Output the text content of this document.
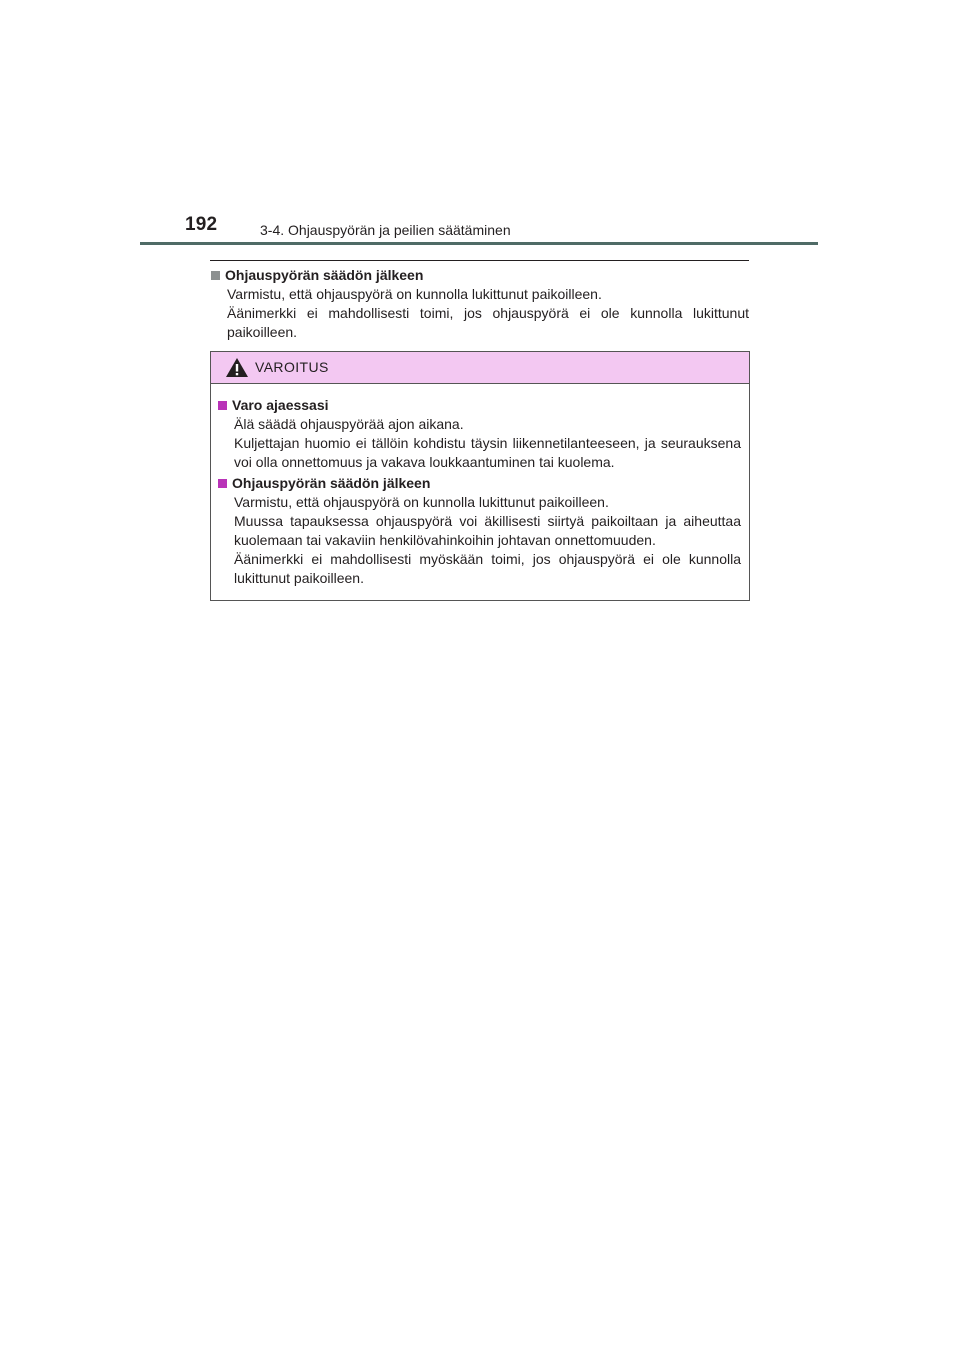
192	3-4. Ohjauspyörän ja peilien säätäminen
Ohjauspyörän säädön jälkeen
Varmistu, että ohjauspyörä on kunnolla lukittunut paikoilleen.
Äänimerkki ei mahdollisesti toimi, jos ohjauspyörä ei ole kunnolla lukittunut paikoilleen.
VAROITUS
Varo ajaessasi
Älä säädä ohjauspyörää ajon aikana.
Kuljettajan huomio ei tällöin kohdistu täysin liikennetilanteeseen, ja seurauksena voi olla onnettomuus ja vakava loukkaantuminen tai kuolema.
Ohjauspyörän säädön jälkeen
Varmistu, että ohjauspyörä on kunnolla lukittunut paikoilleen.
Muussa tapauksessa ohjauspyörä voi äkillisesti siirtyä paikoiltaan ja aiheuttaa kuolemaan tai vakaviin henkilövahinkoihin johtavan onnettomuuden.
Äänimerkki ei mahdollisesti myöskään toimi, jos ohjauspyörä ei ole kunnolla lukittunut paikoilleen.
